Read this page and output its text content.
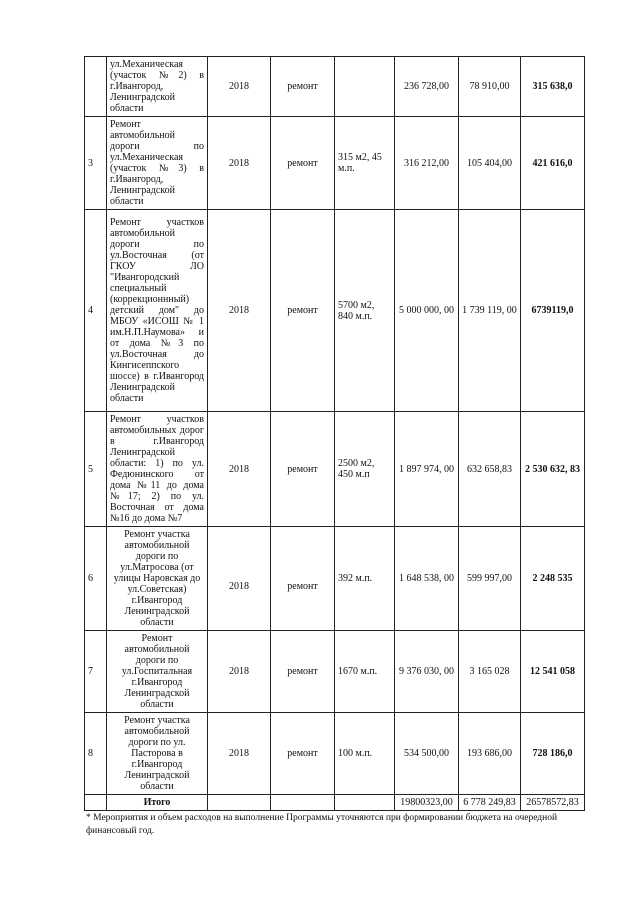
	ул.Механическая (участок №2) в г.Ивангород, Ленинградской области	2018	ремонт		236 728,00	78 910,00	315 638,0
3	Ремонт автомобильной дороги по ул.Механическая (участок №3) в г.Ивангород, Ленинградской области	2018	ремонт	315 м2, 45 м.п.	316 212,00	105 404,00	421 616,0
4	Ремонт участков автомобильной дороги по ул.Восточная (от ГКОУ ЛО "Ивангородский специальный (коррекционнный) детский дом" до МБОУ «ИСОШ № 1 им.Н.П.Наумова» и от дома №3 по ул.Восточная до Кингисеппского шоссе) в г.Ивангород Ленинградской области	2018	ремонт	5700 м2, 840 м.п.	5 000 000, 00	1 739 119, 00	6739119,0
5	Ремонт участков автомобильных дорог в г.Ивангород Ленинградской области: 1) по ул. Федюнинского от дома №11 до дома №17; 2) по ул. Восточная от дома №16 до дома №7	2018	ремонт	2500 м2, 450 м.п	1 897 974, 00	632 658,83	2 530 632, 83
6	Ремонт участка автомобильной дороги по ул.Матросова (от улицы Наровская до ул.Советская) г.Ивангород Ленинградской области	2018	ремонт	392 м.п.	1 648 538, 00	599 997,00	2 248 535
7	Ремонт автомобильной дороги по ул.Госпитальная г.Ивангород Ленинградской области	2018	ремонт	1670 м.п.	9 376 030, 00	3 165 028	12 541 058
8	Ремонт участка автомобильной дороги по ул. Пасторова в г.Ивангород Ленинградской области	2018	ремонт	100 м.п.	534 500,00	193 686,00	728 186,0
	Итого				19800323,00	6 778 249,83	26578572,83
* Мероприятия и объем расходов на выполнение Программы уточняются при формировании бюджета на очередной финансовый год.
